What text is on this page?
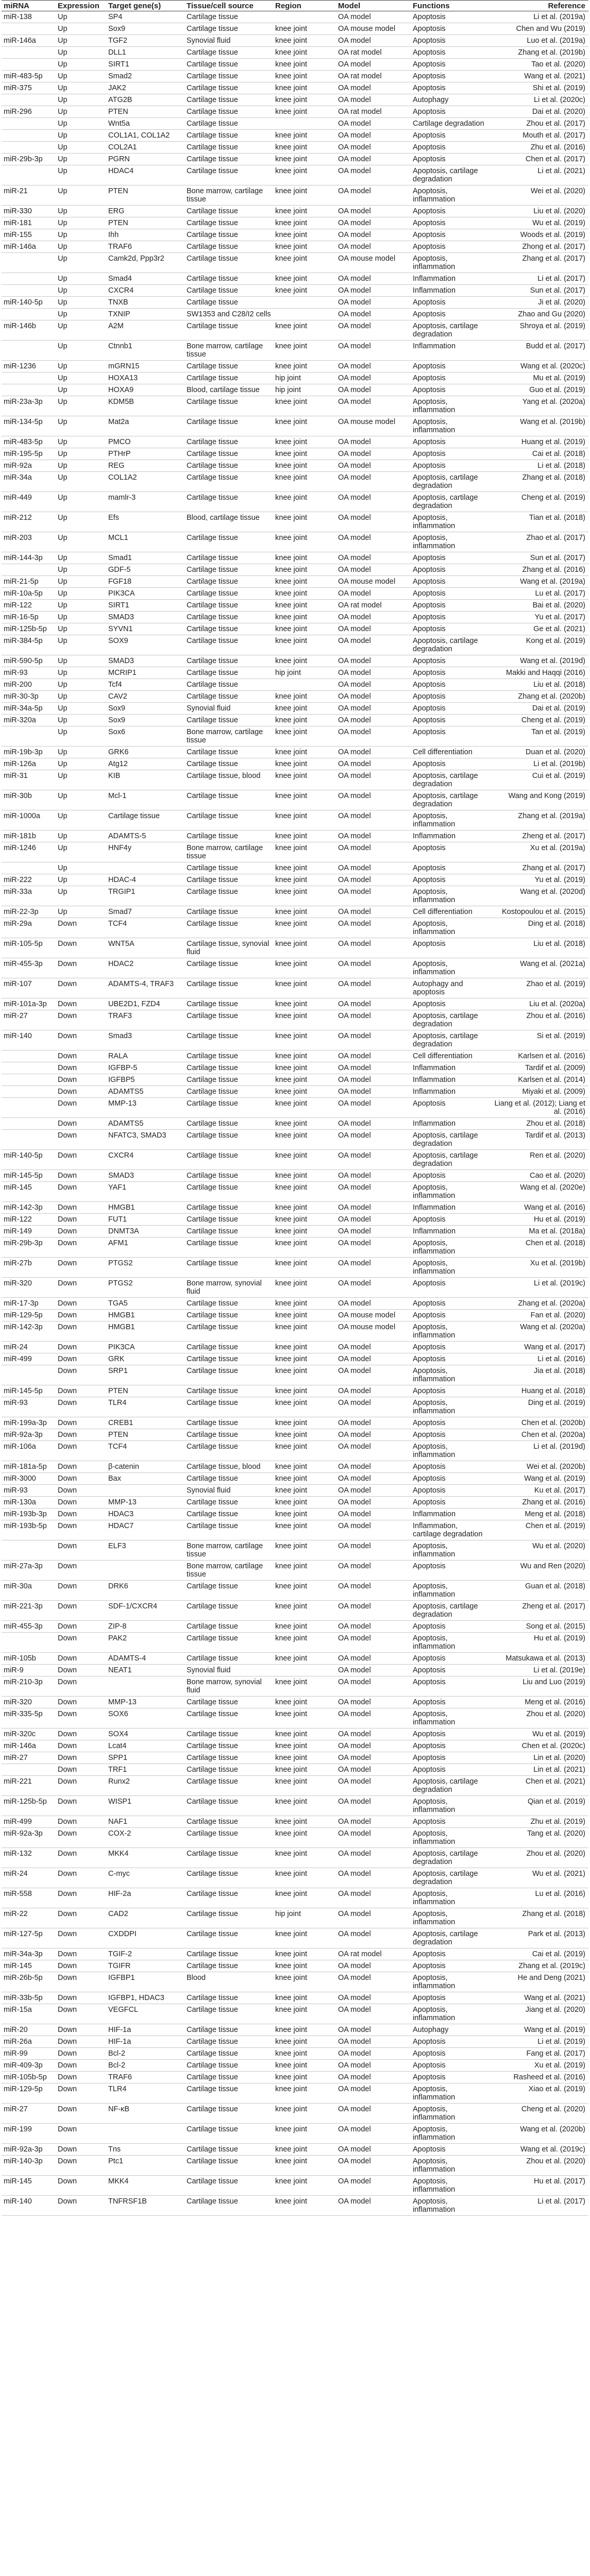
miRNA	Expression	Target gene(s)	Tissue/cell source	Region	Model	Functions	Reference
miR-138	Up	SP4	Cartilage tissue		OA model	Apoptosis	Li et al. (2019a)
	Up	Sox9	Cartilage tissue	knee joint	OA mouse model	Apoptosis	Chen and Wu (2019)
miR-146a	Up	TGF2	Synovial fluid	knee joint	OA model	Apoptosis	Luo et al. (2019a)
	Up	DLL1	Cartilage tissue	knee joint	OA rat model	Apoptosis	Zhang et al. (2019b)
	Up	SIRT1	Cartilage tissue	knee joint	OA model	Apoptosis	Tao et al. (2020)
miR-483-5p	Up	Smad2	Cartilage tissue	knee joint	OA rat model	Apoptosis	Wang et al. (2021)
miR-375	Up	JAK2	Cartilage tissue	knee joint	OA model	Apoptosis	Shi et al. (2019)
	Up	ATG2B	Cartilage tissue	knee joint	OA model	Autophagy	Li et al. (2020c)
miR-296	Up	PTEN	Cartilage tissue	knee joint	OA rat model	Apoptosis	Dai et al. (2020)
	Up	Wnt5a	Cartilage tissue		OA model	Cartilage degradation	Zhou et al. (2017)
	Up	COL1A1, COL1A2	Cartilage tissue	knee joint	OA model	Apoptosis	Mouth et al. (2017)
	Up	COL2A1	Cartilage tissue	knee joint	OA model	Apoptosis	Zhu et al. (2016)
miR-29b-3p	Up	PGRN	Cartilage tissue	knee joint	OA model	Apoptosis	Chen et al. (2017)
	Up	HDAC4	Cartilage tissue	knee joint	OA model	Apoptosis, cartilage degradation	Li et al. (2021)
miR-21	Up	PTEN	Bone marrow, cartilage tissue	knee joint	OA model	Apoptosis, inflammation	Wei et al. (2020)
miR-330	Up	ERG	Cartilage tissue	knee joint	OA model	Apoptosis	Liu et al. (2020)
miR-181	Up	PTEN	Cartilage tissue	knee joint	OA model	Apoptosis	Wu et al. (2019)
miR-155	Up	Ihh	Cartilage tissue	knee joint	OA model	Apoptosis	Woods et al. (2019)
miR-146a	Up	TRAF6	Cartilage tissue	knee joint	OA model	Apoptosis	Zhong et al. (2017)
	Up	Camk2d, Ppp3r2	Cartilage tissue	knee joint	OA mouse model	Apoptosis, inflammation	Zhang et al. (2017)
	Up	Smad4	Cartilage tissue	knee joint	OA model	Inflammation	Li et al. (2017)
	Up	CXCR4	Cartilage tissue	knee joint	OA model	Inflammation	Sun et al. (2017)
miR-140-5p	Up	TNXB	Cartilage tissue		OA model	Apoptosis	Ji et al. (2020)
	Up	TXNIP	SW1353 and C28/I2 cells		OA model	Apoptosis	Zhao and Gu (2020)
miR-146b	Up	A2M	Cartilage tissue	knee joint	OA model	Apoptosis, cartilage degradation	Shroya et al. (2019)
	Up	Ctnnb1	Bone marrow, cartilage tissue	knee joint	OA model	Inflammation	Budd et al. (2017)
miR-1236	Up	mGRN15	Cartilage tissue	knee joint	OA model	Apoptosis	Wang et al. (2020c)
	Up	HOXA13	Cartilage tissue	hip joint	OA model	Apoptosis	Mu et al. (2019)
	Up	HOXA9	Blood, cartilage tissue	hip joint	OA model	Apoptosis	Guo et al. (2019)
miR-23a-3p	Up	KDM5B	Cartilage tissue	knee joint	OA model	Apoptosis, inflammation	Yang et al. (2020a)
miR-134-5p	Up	Mat2a	Cartilage tissue	knee joint	OA mouse model	Apoptosis, inflammation	Wang et al. (2019b)
miR-483-5p	Up	PMCO	Cartilage tissue	knee joint	OA model	Apoptosis	Huang et al. (2019)
miR-195-5p	Up	PTHrP	Cartilage tissue	knee joint	OA model	Apoptosis	Cai et al. (2018)
miR-92a	Up	REG	Cartilage tissue	knee joint	OA model	Apoptosis	Li et al. (2018)
miR-34a	Up	COL1A2	Cartilage tissue	knee joint	OA model	Apoptosis, cartilage degradation	Zhang et al. (2018)
miR-449	Up	mamlr-3	Cartilage tissue	knee joint	OA model	Apoptosis, cartilage degradation	Cheng et al. (2019)
miR-212	Up	Efs	Blood, cartilage tissue	knee joint	OA model	Apoptosis, inflammation	Tian et al. (2018)
miR-203	Up	MCL1	Cartilage tissue	knee joint	OA model	Apoptosis, inflammation	Zhao et al. (2017)
miR-144-3p	Up	Smad1	Cartilage tissue	knee joint	OA model	Apoptosis	Sun et al. (2017)
	Up	GDF-5	Cartilage tissue	knee joint	OA model	Apoptosis	Zhang et al. (2016)
miR-21-5p	Up	FGF18	Cartilage tissue	knee joint	OA mouse model	Apoptosis	Wang et al. (2019a)
miR-10a-5p	Up	PIK3CA	Cartilage tissue	knee joint	OA model	Apoptosis	Lu et al. (2017)
miR-122	Up	SIRT1	Cartilage tissue	knee joint	OA rat model	Apoptosis	Bai et al. (2020)
miR-16-5p	Up	SMAD3	Cartilage tissue	knee joint	OA model	Apoptosis	Yu et al. (2017)
miR-125b-5p	Up	SYVN1	Cartilage tissue	knee joint	OA model	Apoptosis	Ge et al. (2021)
miR-384-5p	Up	SOX9	Cartilage tissue	knee joint	OA model	Apoptosis, cartilage degradation	Kong et al. (2019)
miR-590-5p	Up	SMAD3	Cartilage tissue	knee joint	OA model	Apoptosis	Wang et al. (2019d)
miR-93	Up	MCRIP1	Cartilage tissue	hip joint	OA model	Apoptosis	Makki and Haqqi (2016)
miR-200	Up	Tcf4	Cartilage tissue		OA model	Apoptosis	Liu et al. (2018)
miR-30-3p	Up	CAV2	Cartilage tissue	knee joint	OA model	Apoptosis	Zhang et al. (2020b)
miR-34a-5p	Up	Sox9	Synovial fluid	knee joint	OA model	Apoptosis	Dai et al. (2019)
miR-320a	Up	Sox9	Cartilage tissue	knee joint	OA model	Apoptosis	Cheng et al. (2019)
	Up	Sox6	Bone marrow, cartilage tissue	knee joint	OA model	Apoptosis	Tan et al. (2019)
miR-19b-3p	Up	GRK6	Cartilage tissue	knee joint	OA model	Cell differentiation	Duan et al. (2020)
miR-126a	Up	Atg12	Cartilage tissue	knee joint	OA model	Apoptosis	Li et al. (2019b)
miR-31	Up	KIB	Cartilage tissue, blood	knee joint	OA model	Apoptosis, cartilage degradation	Cui et al. (2019)
miR-30b	Up	Mcl-1	Cartilage tissue	knee joint	OA model	Apoptosis, cartilage degradation	Wang and Kong (2019)
miR-1000a	Up	Cartilage tissue	Cartilage tissue	knee joint	OA model	Apoptosis, inflammation	Zhang et al. (2019a)
miR-181b	Up	ADAMTS-5	Cartilage tissue	knee joint	OA model	Inflammation	Zheng et al. (2017)
miR-1246	Up	HNF4y	Bone marrow, cartilage tissue	knee joint	OA model	Apoptosis	Xu et al. (2019a)
	Up		Cartilage tissue	knee joint	OA model	Apoptosis	Zhang et al. (2017)
miR-222	Up	HDAC-4	Cartilage tissue	knee joint	OA model	Apoptosis	Yu et al. (2019)
miR-33a	Up	TRGIP1	Cartilage tissue	knee joint	OA model	Apoptosis, inflammation	Wang et al. (2020d)
miR-22-3p	Up	Smad7	Cartilage tissue	knee joint	OA model	Cell differentiation	Kostopoulou et al. (2015)
miR-29a	Down	TCF4	Cartilage tissue	knee joint	OA model	Apoptosis, inflammation	Ding et al. (2018)
miR-105-5p	Down	WNT5A	Cartilage tissue, synovial fluid	knee joint	OA model	Apoptosis	Liu et al. (2018)
miR-455-3p	Down	HDAC2	Cartilage tissue	knee joint	OA model	Apoptosis, inflammation	Wang et al. (2021a)
miR-107	Down	ADAMTS-4, TRAF3	Cartilage tissue	knee joint	OA model	Autophagy and apoptosis	Zhao et al. (2019)
miR-101a-3p	Down	UBE2D1, FZD4	Cartilage tissue	knee joint	OA model	Apoptosis	Liu et al. (2020a)
miR-27	Down	TRAF3	Cartilage tissue	knee joint	OA model	Apoptosis, cartilage degradation	Zhou et al. (2016)
miR-140	Down	Smad3	Cartilage tissue	knee joint	OA model	Apoptosis, cartilage degradation	Si et al. (2019)
	Down	RALA	Cartilage tissue	knee joint	OA model	Cell differentiation	Karlsen et al. (2016)
	Down	IGFBP-5	Cartilage tissue	knee joint	OA model	Inflammation	Tardif et al. (2009)
	Down	IGFBP5	Cartilage tissue	knee joint	OA model	Inflammation	Karlsen et al. (2014)
	Down	ADAMTS5	Cartilage tissue	knee joint	OA model	Inflammation	Miyaki et al. (2009)
	Down	MMP-13	Cartilage tissue	knee joint	OA model	Apoptosis	Liang et al. (2012); Liang et al. (2016)
	Down	ADAMTS5	Cartilage tissue	knee joint	OA model	Inflammation	Zhou et al. (2018)
	Down	NFATC3, SMAD3	Cartilage tissue	knee joint	OA model	Apoptosis, cartilage degradation	Tardif et al. (2013)
miR-140-5p	Down	CXCR4	Cartilage tissue	knee joint	OA model	Apoptosis, cartilage degradation	Ren et al. (2020)
miR-145-5p	Down	SMAD3	Cartilage tissue	knee joint	OA model	Apoptosis	Cao et al. (2020)
miR-145	Down	YAF1	Cartilage tissue	knee joint	OA model	Apoptosis, inflammation	Wang et al. (2020e)
miR-142-3p	Down	HMGB1	Cartilage tissue	knee joint	OA model	Inflammation	Wang et al. (2016)
miR-122	Down	FUT1	Cartilage tissue	knee joint	OA model	Apoptosis	Hu et al. (2019)
miR-149	Down	DNMT3A	Cartilage tissue	knee joint	OA model	Inflammation	Ma et al. (2018a)
miR-29b-3p	Down	AFM1	Cartilage tissue	knee joint	OA model	Apoptosis, inflammation	Chen et al. (2018)
miR-27b	Down	PTGS2	Cartilage tissue	knee joint	OA model	Apoptosis, inflammation	Xu et al. (2019b)
miR-320	Down	PTGS2	Bone marrow, synovial fluid	knee joint	OA model	Apoptosis	Li et al. (2019c)
miR-17-3p	Down	TGA5	Cartilage tissue	knee joint	OA model	Apoptosis	Zhang et al. (2020a)
miR-129-5p	Down	HMGB1	Cartilage tissue	knee joint	OA mouse model	Apoptosis	Fan et al. (2020)
miR-142-3p	Down	HMGB1	Cartilage tissue	knee joint	OA mouse model	Apoptosis, inflammation	Wang et al. (2020a)
miR-24	Down	PIK3CA	Cartilage tissue	knee joint	OA model	Apoptosis	Wang et al. (2017)
miR-499	Down	GRK	Cartilage tissue	knee joint	OA model	Apoptosis	Li et al. (2016)
	Down	SRP1	Cartilage tissue	knee joint	OA model	Apoptosis, inflammation	Jia et al. (2018)
miR-145-5p	Down	PTEN	Cartilage tissue	knee joint	OA model	Apoptosis	Huang et al. (2018)
miR-93	Down	TLR4	Cartilage tissue	knee joint	OA model	Apoptosis, inflammation	Ding et al. (2019)
miR-199a-3p	Down	CREB1	Cartilage tissue	knee joint	OA model	Apoptosis	Chen et al. (2020b)
miR-92a-3p	Down	PTEN	Cartilage tissue	knee joint	OA model	Apoptosis	Chen et al. (2020a)
miR-106a	Down	TCF4	Cartilage tissue	knee joint	OA model	Apoptosis, inflammation	Li et al. (2019d)
miR-181a-5p	Down	β-catenin	Cartilage tissue, blood	knee joint	OA model	Apoptosis	Wei et al. (2020b)
miR-3000	Down	Bax	Cartilage tissue	knee joint	OA model	Apoptosis	Wang et al. (2019)
miR-93	Down		Synovial fluid	knee joint	OA model	Apoptosis	Ku et al. (2017)
miR-130a	Down	MMP-13	Cartilage tissue	knee joint	OA model	Apoptosis	Zhang et al. (2016)
miR-193b-3p	Down	HDAC3	Cartilage tissue	knee joint	OA model	Inflammation	Meng et al. (2018)
miR-193b-5p	Down	HDAC7	Cartilage tissue	knee joint	OA model	Inflammation, cartilage degradation	Chen et al. (2019)
	Down	ELF3	Bone marrow, cartilage tissue	knee joint	OA model	Apoptosis, inflammation	Wu et al. (2020)
miR-27a-3p	Down		Bone marrow, cartilage tissue	knee joint	OA model	Apoptosis	Wu and Ren (2020)
miR-30a	Down	DRK6	Cartilage tissue	knee joint	OA model	Apoptosis, inflammation	Guan et al. (2018)
miR-221-3p	Down	SDF-1/CXCR4	Cartilage tissue	knee joint	OA model	Apoptosis, cartilage degradation	Zheng et al. (2017)
miR-455-3p	Down	ZIP-8	Cartilage tissue	knee joint	OA model	Apoptosis	Song et al. (2015)
	Down	PAK2	Cartilage tissue	knee joint	OA model	Apoptosis, inflammation	Hu et al. (2019)
miR-105b	Down	ADAMTS-4	Cartilage tissue	knee joint	OA model	Apoptosis	Matsukawa et al. (2013)
miR-9	Down	NEAT1	Synovial fluid		OA model	Apoptosis	Li et al. (2019e)
miR-210-3p	Down		Bone marrow, synovial fluid	knee joint	OA model	Apoptosis	Liu and Luo (2019)
miR-320	Down	MMP-13	Cartilage tissue	knee joint	OA model	Apoptosis	Meng et al. (2016)
miR-335-5p	Down	SOX6	Cartilage tissue	knee joint	OA model	Apoptosis, inflammation	Zhou et al. (2020)
miR-320c	Down	SOX4	Cartilage tissue	knee joint	OA model	Apoptosis	Wu et al. (2019)
miR-146a	Down	Lcat4	Cartilage tissue	knee joint	OA model	Apoptosis	Chen et al. (2020c)
miR-27	Down	SPP1	Cartilage tissue	knee joint	OA model	Apoptosis	Lin et al. (2020)
	Down	TRF1	Cartilage tissue	knee joint	OA model	Apoptosis	Lin et al. (2021)
miR-221	Down	Runx2	Cartilage tissue	knee joint	OA model	Apoptosis, cartilage degradation	Chen et al. (2021)
miR-125b-5p	Down	WISP1	Cartilage tissue	knee joint	OA model	Apoptosis, inflammation	Qian et al. (2019)
miR-499	Down	NAF1	Cartilage tissue	knee joint	OA model	Apoptosis	Zhu et al. (2019)
miR-92a-3p	Down	COX-2	Cartilage tissue	knee joint	OA model	Apoptosis, inflammation	Tang et al. (2020)
miR-132	Down	MKK4	Cartilage tissue	knee joint	OA model	Apoptosis, cartilage degradation	Zhou et al. (2020)
miR-24	Down	C-myc	Cartilage tissue	knee joint	OA model	Apoptosis, cartilage degradation	Wu et al. (2021)
miR-558	Down	HIF-2a	Cartilage tissue	knee joint	OA model	Apoptosis, inflammation	Lu et al. (2016)
miR-22	Down	CAD2	Cartilage tissue	hip joint	OA model	Apoptosis, inflammation	Zhang et al. (2018)
miR-127-5p	Down	CXDDPI	Cartilage tissue	knee joint	OA model	Apoptosis, cartilage degradation	Park et al. (2013)
miR-34a-3p	Down	TGIF-2	Cartilage tissue	knee joint	OA rat model	Apoptosis	Cai et al. (2019)
miR-145	Down	TGIFR	Cartilage tissue	knee joint	OA model	Apoptosis	Zhang et al. (2019c)
miR-26b-5p	Down	IGFBP1	Blood	knee joint	OA model	Apoptosis, inflammation	He and Deng (2021)
miR-33b-5p	Down	IGFBP1, HDAC3	Cartilage tissue	knee joint	OA model	Apoptosis	Wang et al. (2021)
miR-15a	Down	VEGFCL	Cartilage tissue	knee joint	OA model	Apoptosis, inflammation	Jiang et al. (2020)
miR-20	Down	HIF-1a	Cartilage tissue	knee joint	OA model	Autophagy	Wang et al. (2019)
miR-26a	Down	HIF-1a	Cartilage tissue	knee joint	OA model	Apoptosis	Li et al. (2019)
miR-99	Down	Bcl-2	Cartilage tissue	knee joint	OA model	Apoptosis	Fang et al. (2017)
miR-409-3p	Down	Bcl-2	Cartilage tissue	knee joint	OA model	Apoptosis	Xu et al. (2019)
miR-105b-5p	Down	TRAF6	Cartilage tissue	knee joint	OA model	Apoptosis	Rasheed et al. (2016)
miR-129-5p	Down	TLR4	Cartilage tissue	knee joint	OA model	Apoptosis, inflammation	Xiao et al. (2019)
miR-27	Down	NF-κB	Cartilage tissue	knee joint	OA model	Apoptosis, inflammation	Cheng et al. (2020)
miR-199	Down		Cartilage tissue	knee joint	OA model	Apoptosis, inflammation	Wang et al. (2020b)
miR-92a-3p	Down	Tns	Cartilage tissue	knee joint	OA model	Apoptosis	Wang et al. (2019c)
miR-140-3p	Down	Ptc1	Cartilage tissue	knee joint	OA model	Apoptosis, inflammation	Zhou et al. (2020)
miR-145	Down	MKK4	Cartilage tissue	knee joint	OA model	Apoptosis, inflammation	Hu et al. (2017)
miR-140	Down	TNFRSF1B	Cartilage tissue	knee joint	OA model	Apoptosis, inflammation	Li et al. (2017)
